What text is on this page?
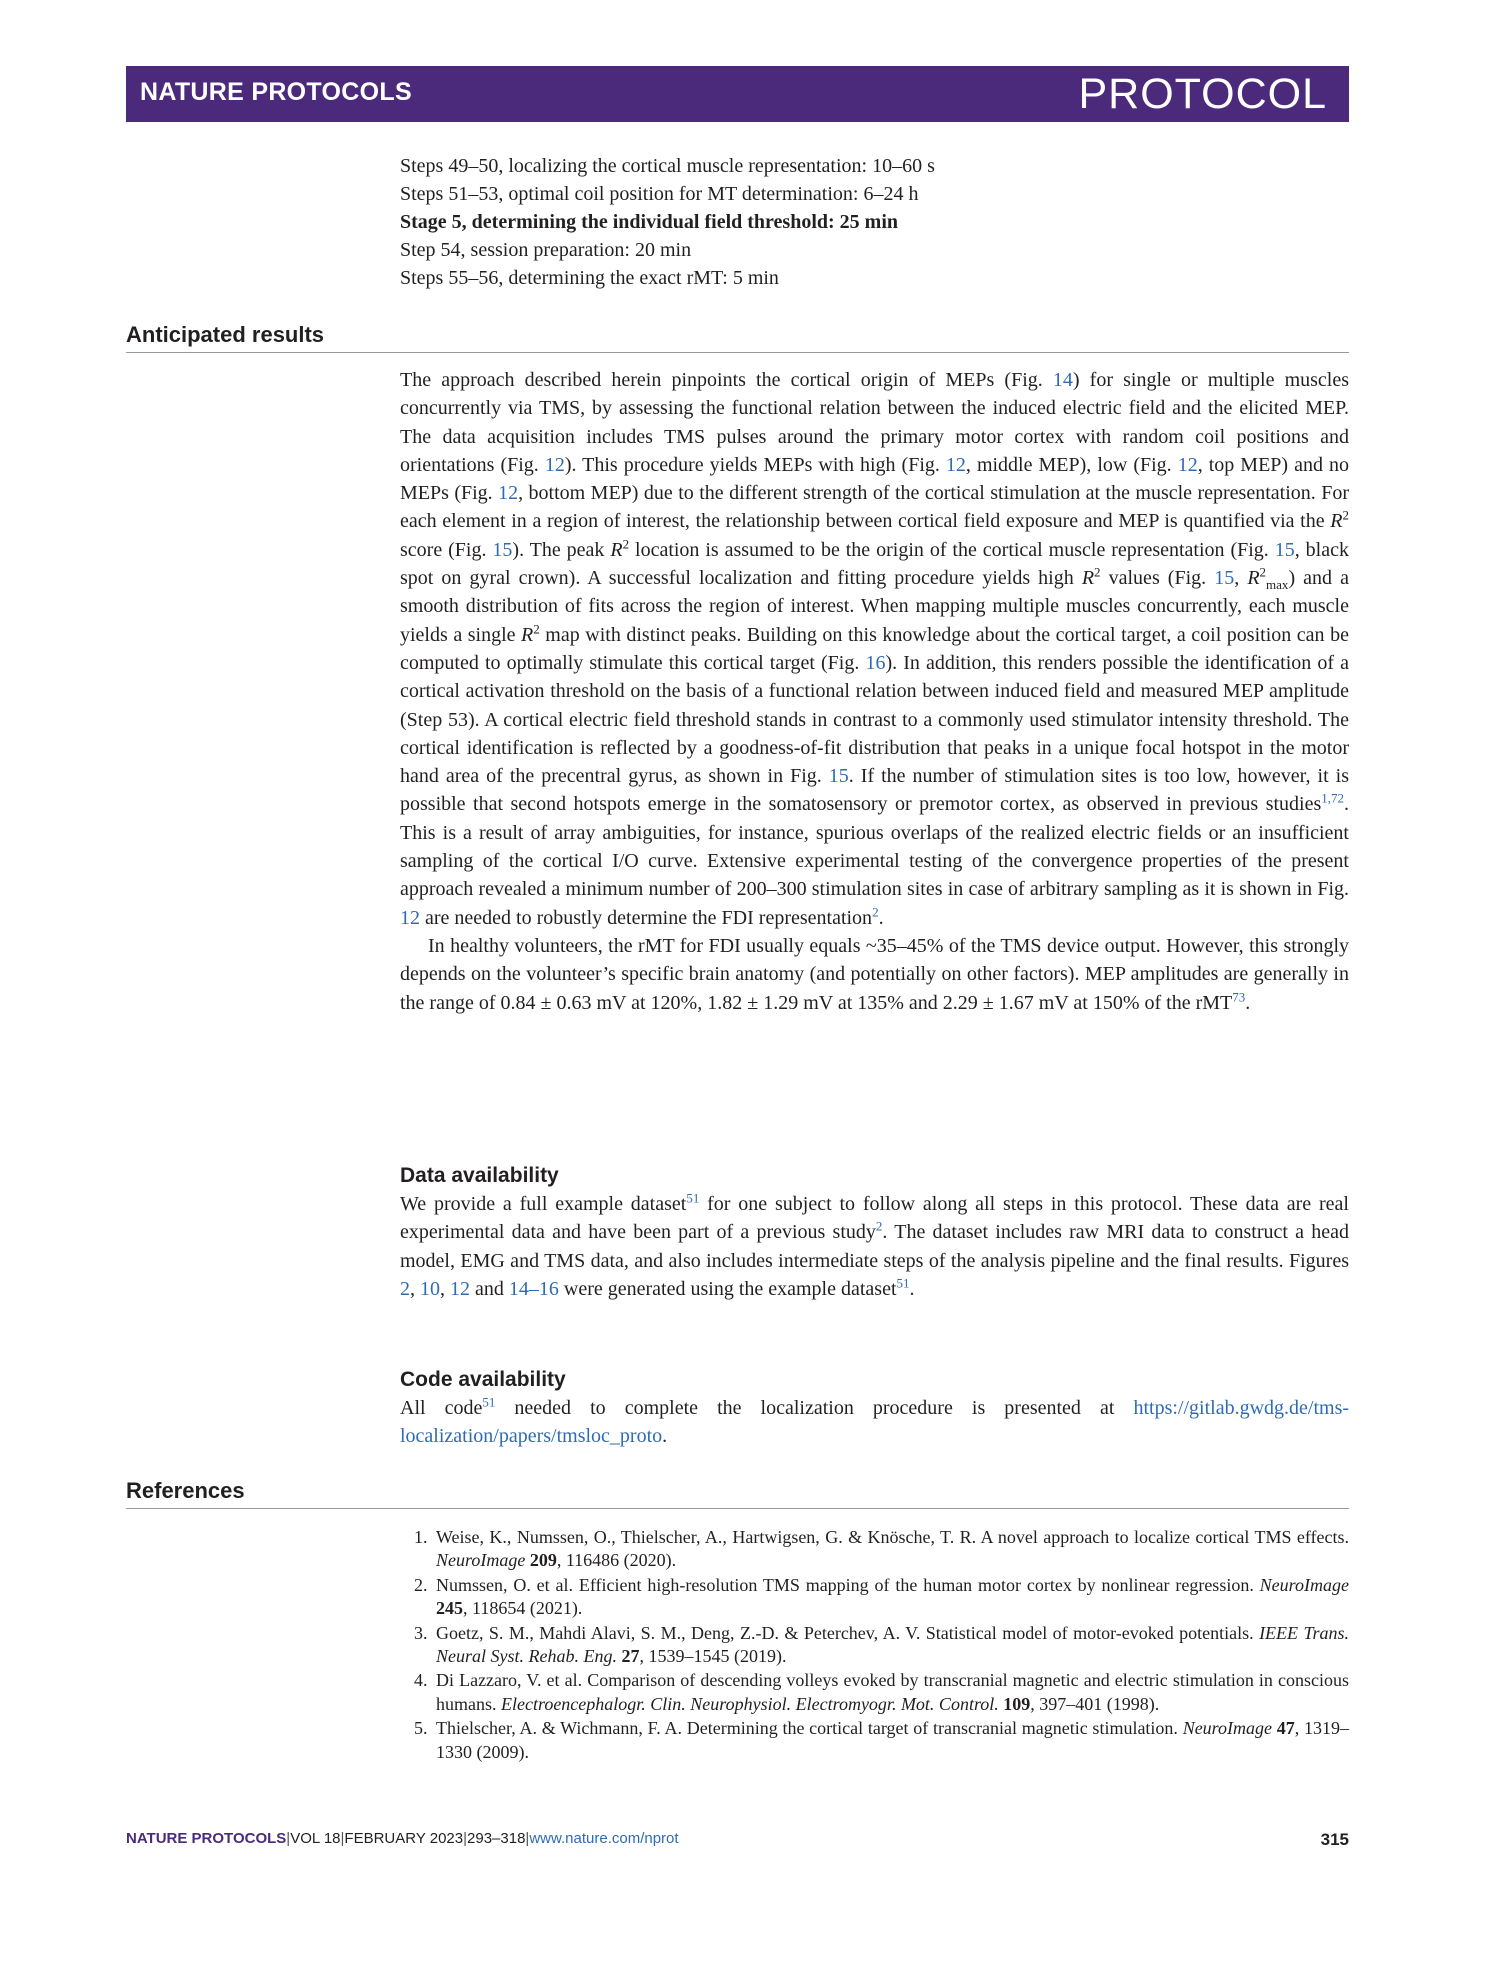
NATURE PROTOCOLS	PROTOCOL
Steps 49–50, localizing the cortical muscle representation: 10–60 s
Steps 51–53, optimal coil position for MT determination: 6–24 h
Stage 5, determining the individual field threshold: 25 min
Step 54, session preparation: 20 min
Steps 55–56, determining the exact rMT: 5 min
Anticipated results

The approach described herein pinpoints the cortical origin of MEPs (Fig. 14) for single or multiple muscles concurrently via TMS, by assessing the functional relation between the induced electric field and the elicited MEP. The data acquisition includes TMS pulses around the primary motor cortex with random coil positions and orientations (Fig. 12). This procedure yields MEPs with high (Fig. 12, middle MEP), low (Fig. 12, top MEP) and no MEPs (Fig. 12, bottom MEP) due to the different strength of the cortical stimulation at the muscle representation. For each element in a region of interest, the relationship between cortical field exposure and MEP is quantified via the $R^2$ score (Fig. 15). The peak $R^2$ location is assumed to be the origin of the cortical muscle representation (Fig. 15, black spot on gyral crown). A successful localization and fitting procedure yields high $R^2$ values (Fig. 15, $R^2_{max}$) and a smooth distribution of fits across the region of interest. When mapping multiple muscles concurrently, each muscle yields a single $R^2$ map with distinct peaks. Building on this knowledge about the cortical target, a coil position can be computed to optimally stimulate this cortical target (Fig. 16). In addition, this renders possible the identification of a cortical activation threshold on the basis of a functional relation between induced field and measured MEP amplitude (Step 53). A cortical electric field threshold stands in contrast to a commonly used stimulator intensity threshold. The cortical identification is reflected by a goodness-of-fit distribution that peaks in a unique focal hotspot in the motor hand area of the precentral gyrus, as shown in Fig. 15. If the number of stimulation sites is too low, however, it is possible that second hotspots emerge in the somatosensory or premotor cortex, as observed in previous studies$^{1,72}$. This is a result of array ambiguities, for instance, spurious overlaps of the realized electric fields or an insufficient sampling of the cortical I/O curve. Extensive experimental testing of the convergence properties of the present approach revealed a minimum number of 200–300 stimulation sites in case of arbitrary sampling as it is shown in Fig. 12 are needed to robustly determine the FDI representation$^2$.

In healthy volunteers, the rMT for FDI usually equals ~35–45% of the TMS device output. However, this strongly depends on the volunteer’s specific brain anatomy (and potentially on other factors). MEP amplitudes are generally in the range of 0.84 ± 0.63 mV at 120%, 1.82 ± 1.29 mV at 135% and 2.29 ± 1.67 mV at 150% of the rMT$^{73}$.

Data availability

We provide a full example dataset$^{51}$ for one subject to follow along all steps in this protocol. These data are real experimental data and have been part of a previous study$^2$. The dataset includes raw MRI data to construct a head model, EMG and TMS data, and also includes intermediate steps of the analysis pipeline and the final results. Figures 2, 10, 12 and 14–16 were generated using the example dataset$^{51}$.

Code availability

All code$^{51}$ needed to complete the localization procedure is presented at https://gitlab.gwdg.de/tms-localization/papers/tmsloc_proto.

References
1. Weise, K., Numssen, O., Thielscher, A., Hartwigsen, G. & Knösche, T. R. A novel approach to localize cortical TMS effects. NeuroImage 209, 116486 (2020).
2. Numssen, O. et al. Efficient high-resolution TMS mapping of the human motor cortex by nonlinear regression. NeuroImage 245, 118654 (2021).
3. Goetz, S. M., Mahdi Alavi, S. M., Deng, Z.-D. & Peterchev, A. V. Statistical model of motor-evoked potentials. IEEE Trans. Neural Syst. Rehab. Eng. 27, 1539–1545 (2019).
4. Di Lazzaro, V. et al. Comparison of descending volleys evoked by transcranial magnetic and electric stimulation in conscious humans. Electroencephalogr. Clin. Neurophysiol. Electromyogr. Mot. Control. 109, 397–401 (1998).
5. Thielscher, A. & Wichmann, F. A. Determining the cortical target of transcranial magnetic stimulation. NeuroImage 47, 1319–1330 (2009).
NATURE PROTOCOLS|VOL 18|FEBRUARY 2023|293–318|www.nature.com/nprot	315
